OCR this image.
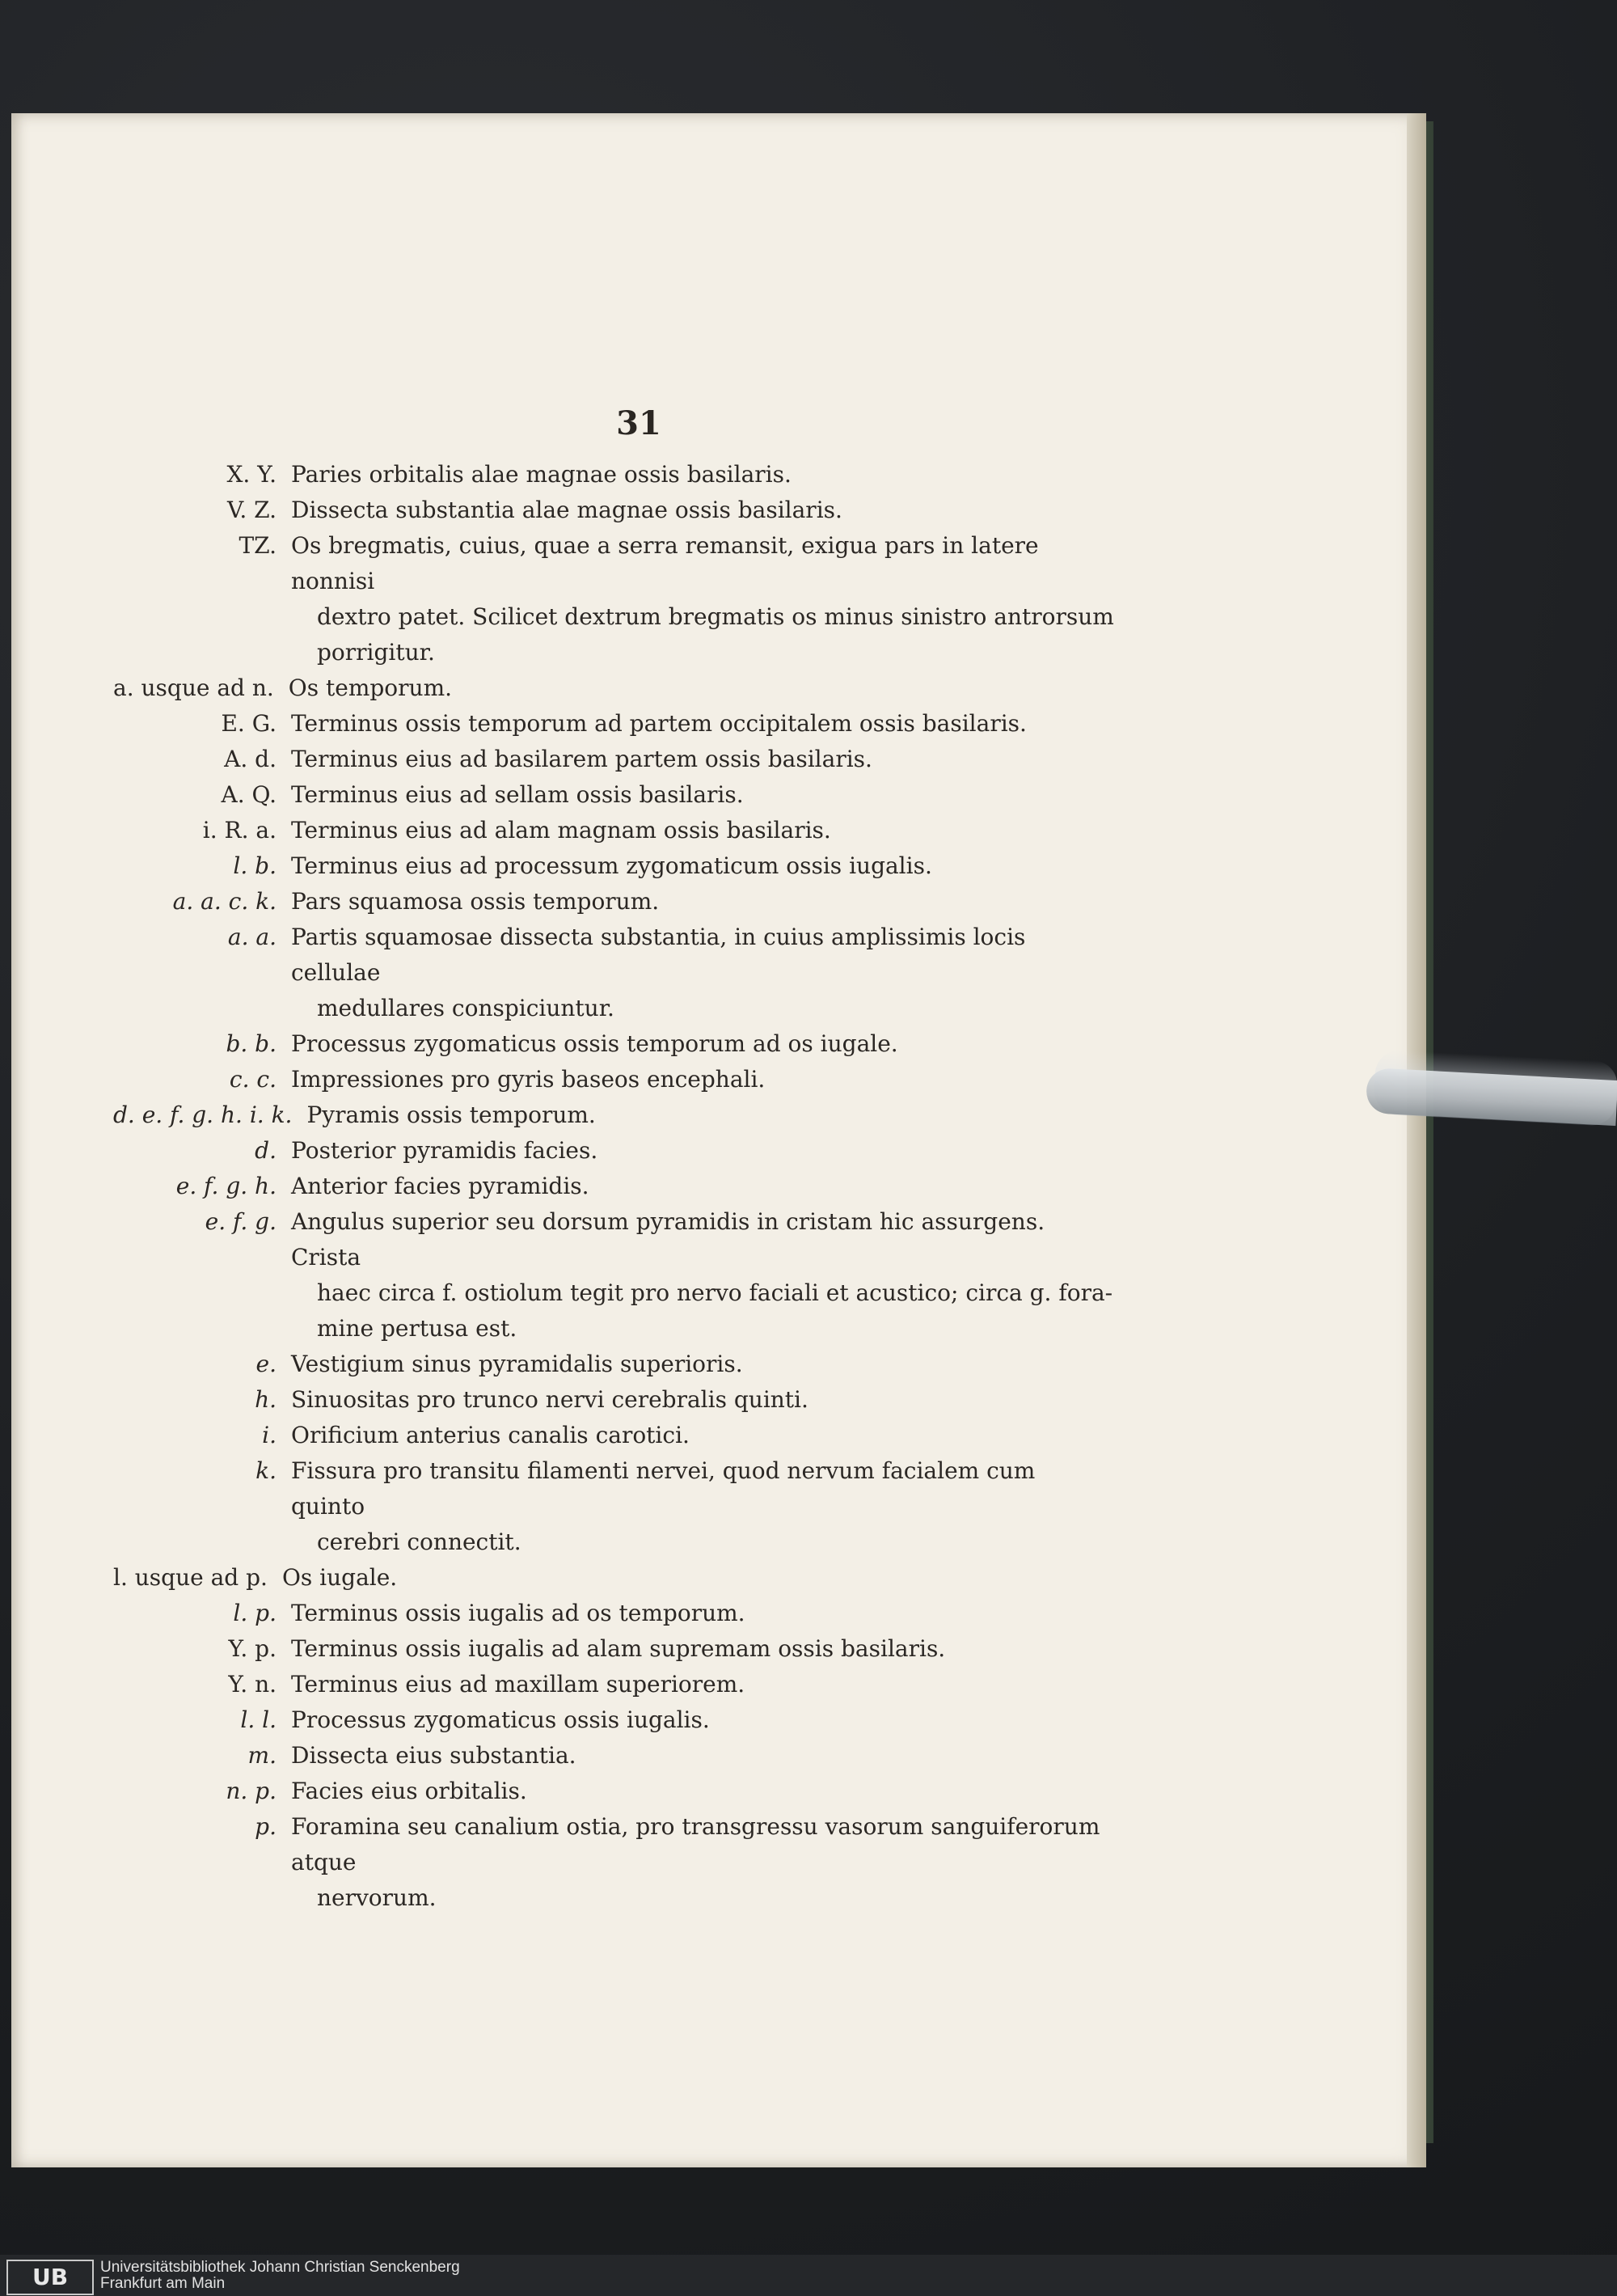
31
X. Y. Paries orbitalis alae magnae ossis basilaris.
V. Z. Dissecta substantia alae magnae ossis basilaris.
TZ. Os bregmatis, cuius, quae a serra remansit, exigua pars in latere nonnisi
dextro patet. Scilicet dextrum bregmatis os minus sinistro antrorsum
porrigitur.
a. usque ad n. Os temporum.
E. G. Terminus ossis temporum ad partem occipitalem ossis basilaris.
A. d. Terminus eius ad basilarem partem ossis basilaris.
A. Q. Terminus eius ad sellam ossis basilaris.
i. R. a. Terminus eius ad alam magnam ossis basilaris.
l. b. Terminus eius ad processum zygomaticum ossis iugalis.
a. a. c. k. Pars squamosa ossis temporum.
a. a. Partis squamosae dissecta substantia, in cuius amplissimis locis cellulae
medullares conspiciuntur.
b. b. Processus zygomaticus ossis temporum ad os iugale.
c. c. Impressiones pro gyris baseos encephali.
d. e. f. g. h. i. k. Pyramis ossis temporum.
d. Posterior pyramidis facies.
e. f. g. h. Anterior facies pyramidis.
e. f. g. Angulus superior seu dorsum pyramidis in cristam hic assurgens. Crista
haec circa f. ostiolum tegit pro nervo faciali et acustico; circa g. fora-
mine pertusa est.
e. Vestigium sinus pyramidalis superioris.
h. Sinuositas pro trunco nervi cerebralis quinti.
i. Orificium anterius canalis carotici.
k. Fissura pro transitu filamenti nervei, quod nervum facialem cum quinto
cerebri connectit.
l. usque ad p. Os iugale.
l. p. Terminus ossis iugalis ad os temporum.
Y. p. Terminus ossis iugalis ad alam supremam ossis basilaris.
Y. n. Terminus eius ad maxillam superiorem.
l. l. Processus zygomaticus ossis iugalis.
m. Dissecta eius substantia.
n. p. Facies eius orbitalis.
p. Foramina seu canalium ostia, pro transgressu vasorum sanguiferorum atque
nervorum.
UB	Universitätsbibliothek Johann Christian Senckenberg
Frankfurt am Main
